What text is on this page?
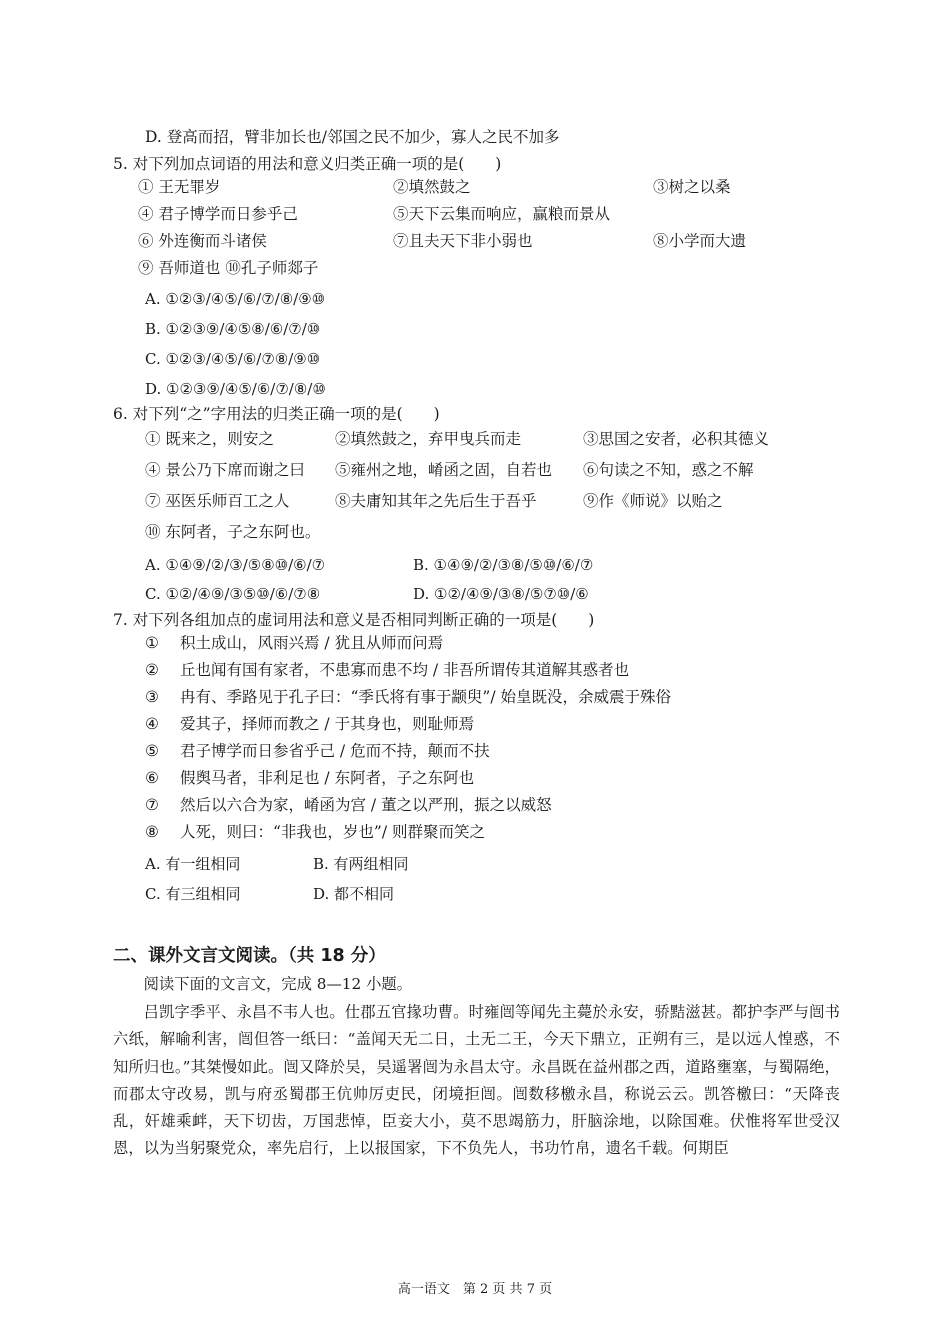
D. 登高而招，臂非加长也/邻国之民不加少，寡人之民不加多
5. 对下列加点词语的用法和意义归类正确一项的是(　　)
① 王无罪岁	②填然鼓之	③树之以桑
④ 君子博学而日参乎己	⑤天下云集而响应，赢粮而景从
⑥ 外连衡而斗诸侯	⑦且夫天下非小弱也	⑧小学而大遗
⑨ 吾师道也 ⑩孔子师郯子
A. ①②③/④⑤/⑥/⑦/⑧/⑨⑩
B. ①②③⑨/④⑤⑧/⑥/⑦/⑩
C. ①②③/④⑤/⑥/⑦⑧/⑨⑩
D. ①②③⑨/④⑤/⑥/⑦/⑧/⑩
6. 对下列“之”字用法的归类正确一项的是(　　)
① 既来之，则安之	②填然鼓之，弃甲曳兵而走	③思国之安者，必积其德义
④ 景公乃下席而谢之曰 ⑤雍州之地，崤函之固，自若也 ⑥句读之不知，惑之不解
⑦ 巫医乐师百工之人	⑧夫庸知其年之先后生于吾乎	⑨作《师说》以贻之
⑩ 东阿者，子之东阿也。
A. ①④⑨/②/③/⑤⑧⑩/⑥/⑦	B. ①④⑨/②/③⑧/⑤⑩/⑥/⑦
C. ①②/④⑨/③⑤⑩/⑥/⑦⑧	D. ①②/④⑨/③⑧/⑤⑦⑩/⑥
7. 对下列各组加点的虚词用法和意义是否相同判断正确的一项是(　　)
① 积土成山，风雨兴焉 / 犹且从师而问焉
② 丘也闻有国有家者，不患寡而患不均 / 非吾所谓传其道解其惑者也
③ 冉有、季路见于孔子曰：“季氏将有事于颛臾”/ 始皇既没，余威震于殊俗
④ 爱其子，择师而教之 / 于其身也，则耻师焉
⑤ 君子博学而日参省乎己 / 危而不持，颠而不扶
⑥ 假舆马者，非利足也 / 东阿者，子之东阿也
⑦ 然后以六合为家，崤函为宫 / 董之以严刑，振之以威怒
⑧ 人死，则曰：“非我也，岁也”/ 则群聚而笑之
A. 有一组相同	B. 有两组相同
C. 有三组相同	D. 都不相同
二、课外文言文阅读。（共 18 分）
阅读下面的文言文，完成 8—12 小题。
吕凯字季平、永昌不韦人也。仕郡五官掾功曹。时雍闿等闻先主薨於永安，骄黠滋甚。都护李严与闿书六纸，解喻利害，闿但答一纸曰：“盖闻天无二日，土无二王，今天下鼎立，正朔有三，是以远人惶惑，不知所归也。”其桀慢如此。闿又降於吴，吴遥署闿为永昌太守。永昌既在益州郡之西，道路壅塞，与蜀隔绝，而郡太守改易，凯与府丞蜀郡王伉帅厉吏民，闭境拒闿。闿数移檄永昌，称说云云。凯答檄曰：“天降丧乱，奸雄乘衅，天下切齿，万国悲悼，臣妾大小，莫不思竭筋力，肝脑涂地，以除国难。伏惟将军世受汉恩，以为当躬聚党众，率先启行，上以报国家，下不负先人，书功竹帛，遗名千载。何期臣
高一语文　第 2 页 共 7 页
